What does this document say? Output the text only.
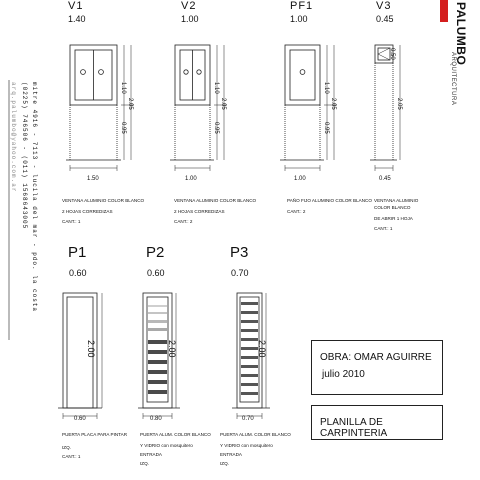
PALUMBO
ARQUITECTURA
mitre 4916 - 7113 - lucila del mar - pdo. la costa
(0225) 746506 - (011) 1568643005
arq.palumbo@yahoo.com.ar
V1
1.40
1.50
1.10
2.05
0.95
VENTANA ALUMINIO COLOR BLANCO
2 HOJAS CORREDIZAS
CANT.: 1
V2
1.00
1.00
1.10
2.05
0.95
VENTANA ALUMINIO COLOR BLANCO
2 HOJAS CORREDIZAS
CANT.: 2
PF1
1.00
1.00
1.10
2.05
0.95
PAÑO FIJO ALUMINIO COLOR BLANCO
CANT.: 2
V3
0.45
0.45
0.50
2.05
VENTANA ALUMINIO COLOR BLANCO
DE ABRIR 1 HOJA
CANT.: 1
P1
0.60
2.00
0.60
PUERTA PLACA PARA PINTAR
IZQ.
CANT.: 1
P2
0.60
2.00
0.80
PUERTA ALUM. COLOR BLANCO
Y VIDRIO con mosquitero
ENTRADA
IZQ.
P3
0.70
2.00
0.70
PUERTA ALUM. COLOR BLANCO
Y VIDRIO con mosquitero
ENTRADA
IZQ.
OBRA: OMAR AGUIRRE
julio 2010
PLANILLA DE CARPINTERIA
